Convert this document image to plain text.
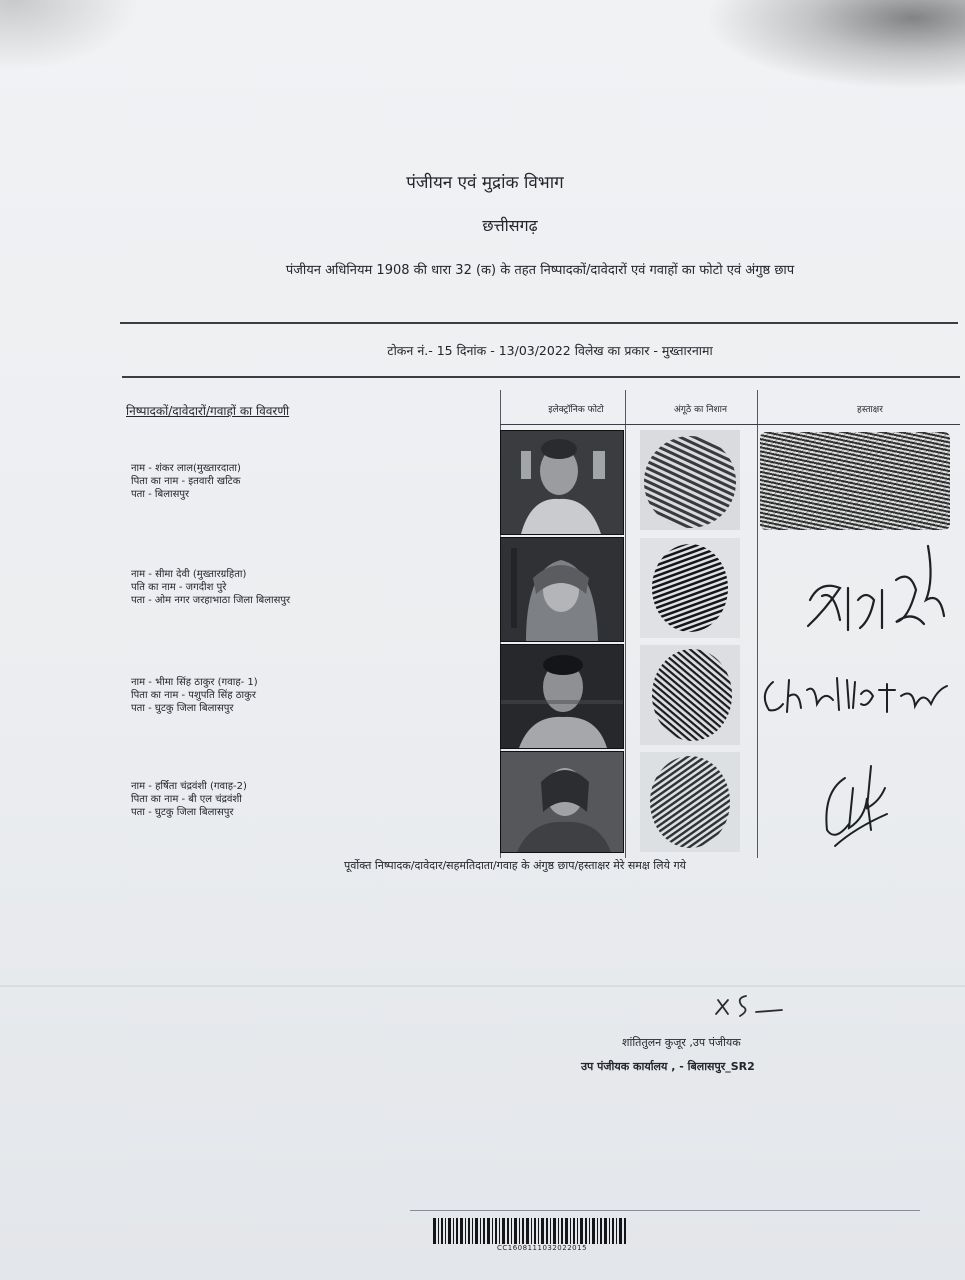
पंजीयन एवं मुद्रांक विभाग
छत्तीसगढ़
पंजीयन अधिनियम 1908 की धारा 32 (क) के तहत निष्पादकों/दावेदारों एवं गवाहों का फोटो एवं अंगुष्ठ छाप
टोकन नं.- 15 दिनांक - 13/03/2022 विलेख का प्रकार - मुख्तारनामा
निष्पादकों/दावेदारों/गवाहों का विवरणी	इलेक्ट्रॉनिक फोटो	अंगूठे का निशान	हस्ताक्षर
नाम - शंकर लाल(मुख्तारदाता)
पिता का नाम - इतवारी खटिक
पता - बिलासपुर
नाम - सीमा देवी (मुख्तारग्रहिता)
पति का नाम - जगदीश पुरे
पता - ओम नगर जरहाभाठा जिला बिलासपुर
नाम - भीमा सिंह ठाकुर (गवाह- 1)
पिता का नाम - पशुपति सिंह ठाकुर
पता - घुटकु जिला बिलासपुर
नाम - हर्षिता चंद्रवंशी (गवाह-2)
पिता का नाम - बी एल चंद्रवंशी
पता - घुटकु जिला बिलासपुर
पूर्वोक्त निष्पादक/दावेदार/सहमतिदाता/गवाह के अंगुष्ठ छाप/हस्ताक्षर मेरे समक्ष लिये गये
शांतितुलन कुजूर ,उप पंजीयक
उप पंजीयक कार्यालय , - बिलासपुर_SR2
CC1608111032022015
